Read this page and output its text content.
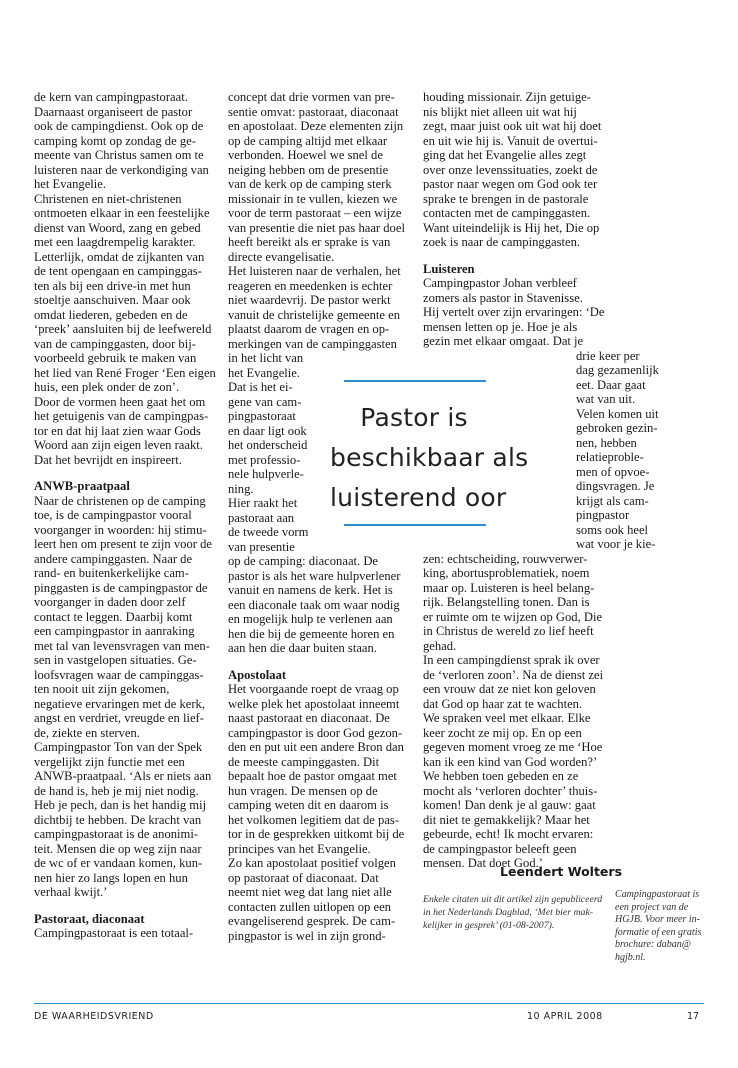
de kern van campingpastoraat.
Daarnaast organiseert de pastor
ook de campingdienst. Ook op de
camping komt op zondag de ge-
meente van Christus samen om te
luisteren naar de verkondiging van
het Evangelie.

Christenen en niet-christenen
ontmoeten elkaar in een feestelijke
dienst van Woord, zang en gebed
met een laagdrempelig karakter.
Letterlijk, omdat de zijkanten van
de tent opengaan en campinggas-
ten als bij een drive-in met hun
stoeltje aanschuiven. Maar ook
omdat liederen, gebeden en de
‘preek’ aansluiten bij de leefwereld
van de campinggasten, door bij-
voorbeeld gebruik te maken van
het lied van René Froger ‘Een eigen
huis, een plek onder de zon’.

Door de vormen heen gaat het om
het getuigenis van de campingpas-
tor en dat hij laat zien waar Gods
Woord aan zijn eigen leven raakt.
Dat het bevrijdt en inspireert.

ANWB-praatpaal

Naar de christenen op de camping
toe, is de campingpastor vooral
voorganger in woorden: hij stimu-
leert hen om present te zijn voor de
andere campinggasten. Naar de
rand- en buitenkerkelijke cam-
pinggasten is de campingpastor de
voorganger in daden door zelf
contact te leggen. Daarbij komt
een campingpastor in aanraking
met tal van levensvragen van men-
sen in vastgelopen situaties. Ge-
loofsvragen waar de campinggas-
ten nooit uit zijn gekomen,
negatieve ervaringen met de kerk,
angst en verdriet, vreugde en lief-
de, ziekte en sterven.

Campingpastor Ton van der Spek
vergelijkt zijn functie met een
ANWB-praatpaal. ‘Als er niets aan
de hand is, heb je mij niet nodig.
Heb je pech, dan is het handig mij
dichtbij te hebben. De kracht van
campingpastoraat is de anonimi-
teit. Mensen die op weg zijn naar
de wc of er vandaan komen, kun-
nen hier zo langs lopen en hun
verhaal kwijt.’

Pastoraat, diaconaat

Campingpastoraat is een totaal-

concept dat drie vormen van pre-
sentie omvat: pastoraat, diaconaat
en apostolaat. Deze elementen zijn
op de camping altijd met elkaar
verbonden. Hoewel we snel de
neiging hebben om de presentie
van de kerk op de camping sterk
missionair in te vullen, kiezen we
voor de term pastoraat – een wijze
van presentie die niet pas haar doel
heeft bereikt als er sprake is van
directe evangelisatie.

Het luisteren naar de verhalen, het
reageren en meedenken is echter
niet waardevrij. De pastor werkt
vanuit de christelijke gemeente en
plaatst daarom de vragen en op-
merkingen van de campinggasten
in het licht van
het Evangelie.
Dat is het ei-
gene van cam-
pingpastoraat
en daar ligt ook
het onderscheid
met professio-
nele hulpverle-
ning.

Hier raakt het
pastoraat aan
de tweede vorm
van presentie
op de camping: diaconaat. De
pastor is als het ware hulpverlener
vanuit en namens de kerk. Het is
een diaconale taak om waar nodig
en mogelijk hulp te verlenen aan
hen die bij de gemeente horen en
aan hen die daar buiten staan.

Apostolaat

Het voorgaande roept de vraag op
welke plek het apostolaat inneemt
naast pastoraat en diaconaat. De
campingpastor is door God gezon-
den en put uit een andere Bron dan
de meeste campinggasten. Dit
bepaalt hoe de pastor omgaat met
hun vragen. De mensen op de
camping weten dit en daarom is
het volkomen legitiem dat de pas-
tor in de gesprekken uitkomt bij de
principes van het Evangelie.

Zo kan apostolaat positief volgen
op pastoraat of diaconaat. Dat
neemt niet weg dat lang niet alle
contacten zullen uitlopen op een
evangeliserend gesprek. De cam-
pingpastor is wel in zijn grond-

houding missionair. Zijn getuige-
nis blijkt niet alleen uit wat hij
zegt, maar juist ook uit wat hij doet
en uit wie hij is. Vanuit de overtui-
ging dat het Evangelie alles zegt
over onze levenssituaties, zoekt de
pastor naar wegen om God ook ter
sprake te brengen in de pastorale
contacten met de campinggasten.
Want uiteindelijk is Hij het, Die op
zoek is naar de campinggasten.

Luisteren

Campingpastor Johan verbleef
zomers als pastor in Stavenisse.
Hij vertelt over zijn ervaringen: ‘De
mensen letten op je. Hoe je als
gezin met elkaar omgaat. Dat je
drie keer per
dag gezamenlijk
eet. Daar gaat
wat van uit.
Velen komen uit
gebroken gezin-
nen, hebben
relatieproble-
men of opvoe-
dingsvragen. Je
krijgt als cam-
pingpastor
soms ook heel
wat voor je kie-
zen: echtscheiding, rouwverwer-
king, abortusproblematiek, noem
maar op. Luisteren is heel belang-
rijk. Belangstelling tonen. Dan is
er ruimte om te wijzen op God, Die
in Christus de wereld zo lief heeft
gehad.

In een campingdienst sprak ik over
de ‘verloren zoon’. Na de dienst zei
een vrouw dat ze niet kon geloven
dat God op haar zat te wachten.
We spraken veel met elkaar. Elke
keer zocht ze mij op. En op een
gegeven moment vroeg ze me ‘Hoe
kan ik een kind van God worden?’
We hebben toen gebeden en ze
mocht als ‘verloren dochter’ thuis-
komen! Dan denk je al gauw: gaat
dit niet te gemakkelijk? Maar het
gebeurde, echt! Ik mocht ervaren:
de campingpastor beleeft geen
mensen. Dat doet God.’

Pastor is
beschikbaar als
luisterend oor
Leendert Wolters
Enkele citaten uit dit artikel zijn gepubliceerd in het Nederlands Dagblad, ‘Met bier mak- kelijker in gesprek’ (01-08-2007).
Campingpastoraat is een project van de HGJB. Voor meer in- formatie of een gratis brochure: daban@ hgjb.nl.
DE WAARHEIDSVRIEND	10 APRIL 2008	17
